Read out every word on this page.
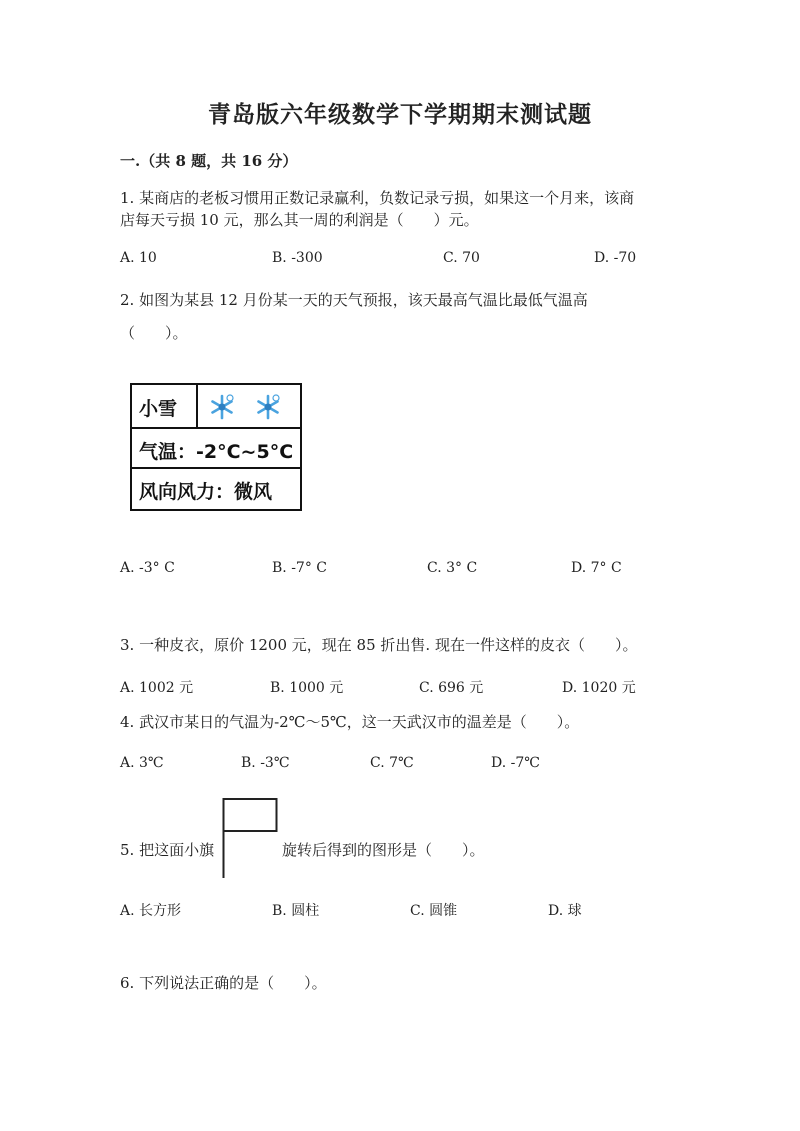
青岛版六年级数学下学期期末测试题
一.（共 8 题，共 16 分）
1. 某商店的老板习惯用正数记录赢利，负数记录亏损，如果这一个月来，该商
店每天亏损 10 元，那么其一周的利润是（　　）元。
A. 10	B. -300	C. 70	D. -70
2. 如图为某县 12 月份某一天的天气预报，该天最高气温比最低气温高
（　　）。
小雪
气温：-2°C~5°C
风向风力：微风
A. -3° C	B. -7° C	C. 3° C	D. 7° C
3. 一种皮衣，原价 1200 元，现在 85 折出售. 现在一件这样的皮衣（　　）。
A. 1002 元	B. 1000 元	C. 696 元	D. 1020 元
4. 武汉市某日的气温为-2℃～5℃，这一天武汉市的温差是（　　）。
A. 3℃	B. -3℃	C. 7℃	D. -7℃
5. 把这面小旗	旋转后得到的图形是（　　）。
A. 长方形	B. 圆柱	C. 圆锥	D. 球
6. 下列说法正确的是（　　）。
